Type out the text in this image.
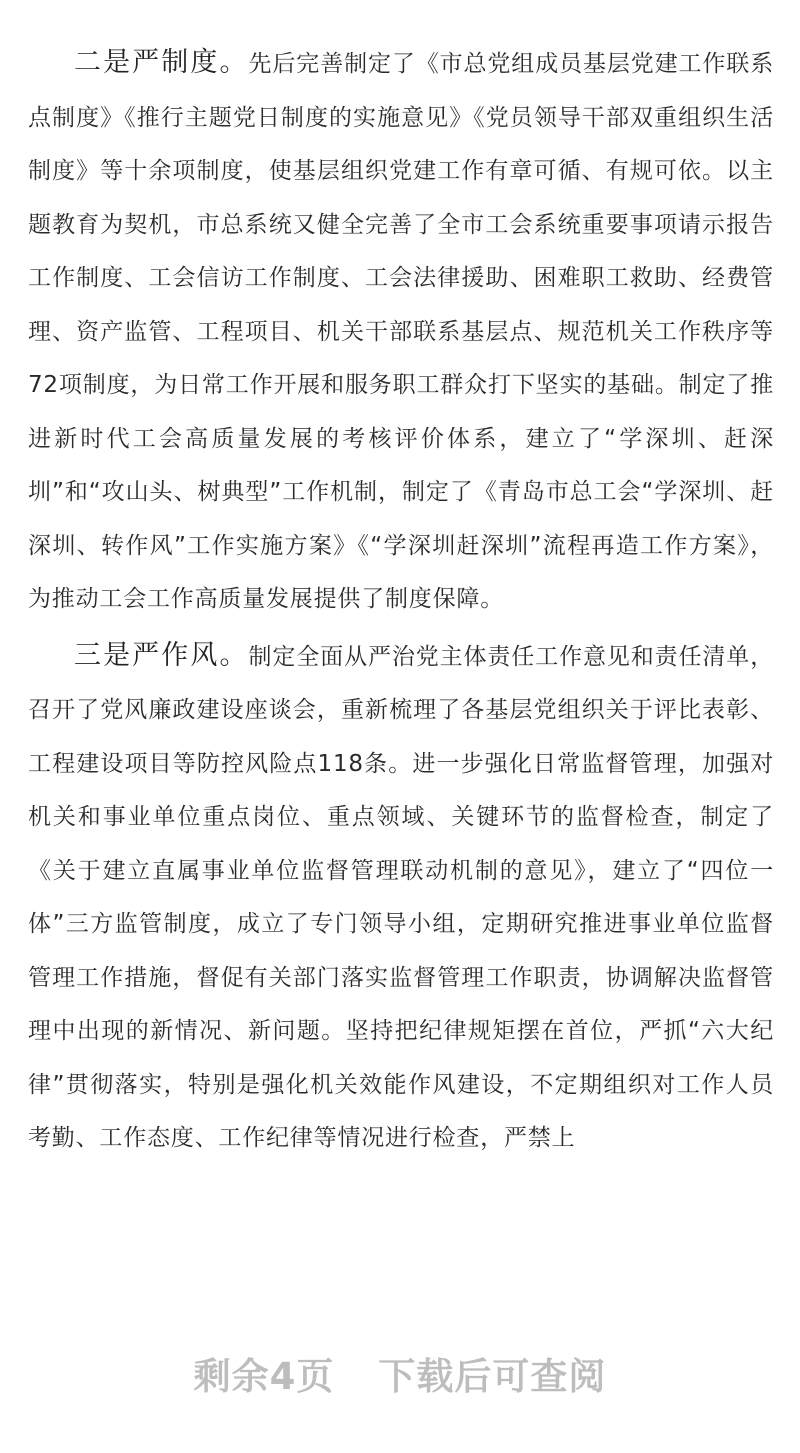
二是严制度。先后完善制定了《市总党组成员基层党建工作联系点制度》《推行主题党日制度的实施意见》《党员领导干部双重组织生活制度》等十余项制度，使基层组织党建工作有章可循、有规可依。以主题教育为契机，市总系统又健全完善了全市工会系统重要事项请示报告工作制度、工会信访工作制度、工会法律援助、困难职工救助、经费管理、资产监管、工程项目、机关干部联系基层点、规范机关工作秩序等72项制度，为日常工作开展和服务职工群众打下坚实的基础。制定了推进新时代工会高质量发展的考核评价体系，建立了“学深圳、赶深圳”和“攻山头、树典型”工作机制，制定了《青岛市总工会“学深圳、赶深圳、转作风”工作实施方案》《“学深圳赶深圳”流程再造工作方案》，为推动工会工作高质量发展提供了制度保障。

三是严作风。制定全面从严治党主体责任工作意见和责任清单，召开了党风廉政建设座谈会，重新梳理了各基层党组织关于评比表彰、工程建设项目等防控风险点118条。进一步强化日常监督管理，加强对机关和事业单位重点岗位、重点领域、关键环节的监督检查，制定了《关于建立直属事业单位监督管理联动机制的意见》，建立了“四位一体”三方监管制度，成立了专门领导小组，定期研究推进事业单位监督管理工作措施，督促有关部门落实监督管理工作职责，协调解决监督管理中出现的新情况、新问题。坚持把纪律规矩摆在首位，严抓“六大纪律”贯彻落实，特别是强化机关效能作风建设，不定期组织对工作人员考勤、工作态度、工作纪律等情况进行检查，严禁上

剩余4页 下载后可查阅
